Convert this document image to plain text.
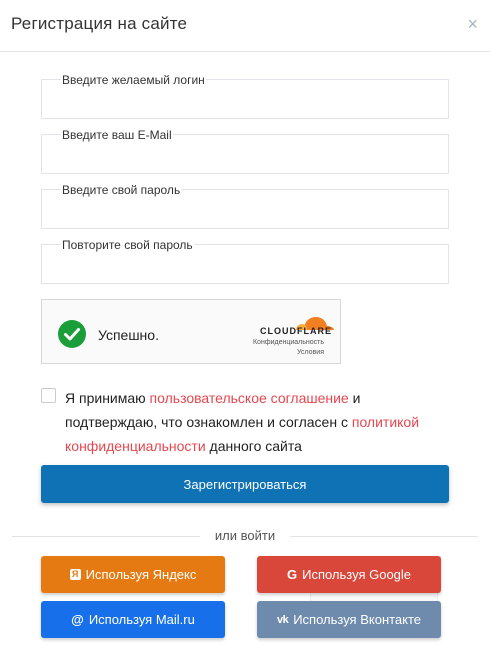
Регистрация на сайте	×
Введите желаемый логин
Введите ваш E-Mail
Введите свой пароль
Повторите свой пароль
Успешно.	CLOUDFLARE
Конфиденциальность
Условия
Я принимаю пользовательское соглашение и подтверждаю, что ознакомлен и согласен с политикой конфиденциальности данного сайта
Зарегистрироваться
или войти
Я Используя Яндекс	G Используя Google
@ Используя Mail.ru	vk Используя Вконтакте
